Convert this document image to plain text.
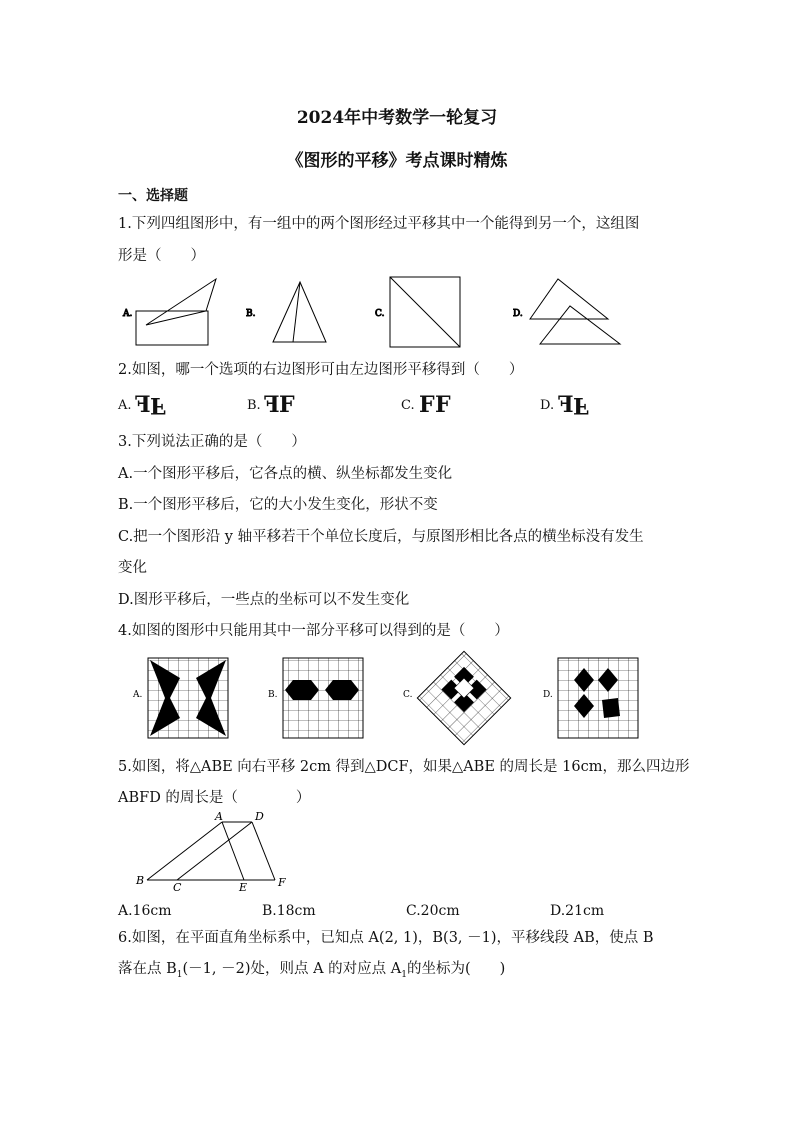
2024年中考数学一轮复习
《图形的平移》考点课时精炼
一、选择题
1.下列四组图形中，有一组中的两个图形经过平移其中一个能得到另一个，这组图
形是（　　）
A.	B.	C.	D.
2.如图，哪一个选项的右边图形可由左边图形平移得到（　　）
A. F F	B. F F	C. F F	D. F F
3.下列说法正确的是（　　）
A.一个图形平移后，它各点的横、纵坐标都发生变化
B.一个图形平移后，它的大小发生变化，形状不变
C.把一个图形沿 y 轴平移若干个单位长度后，与原图形相比各点的横坐标没有发生
变化
D.图形平移后，一些点的坐标可以不发生变化
4.如图的图形中只能用其中一部分平移可以得到的是（　　）
A.	B.	C.	D.
5.如图，将△ABE 向右平移 2cm 得到△DCF，如果△ABE 的周长是 16cm，那么四边形
ABFD 的周长是（　　　　）
A	D
B
C	E	F
A.16cm	B.18cm	C.20cm	D.21cm
6.如图，在平面直角坐标系中，已知点 A(2, 1)，B(3, －1)，平移线段 AB，使点 B
落在点 $B_1(-1$, －2)处，则点 A 的对应点 $A_1$的坐标为(　　)
